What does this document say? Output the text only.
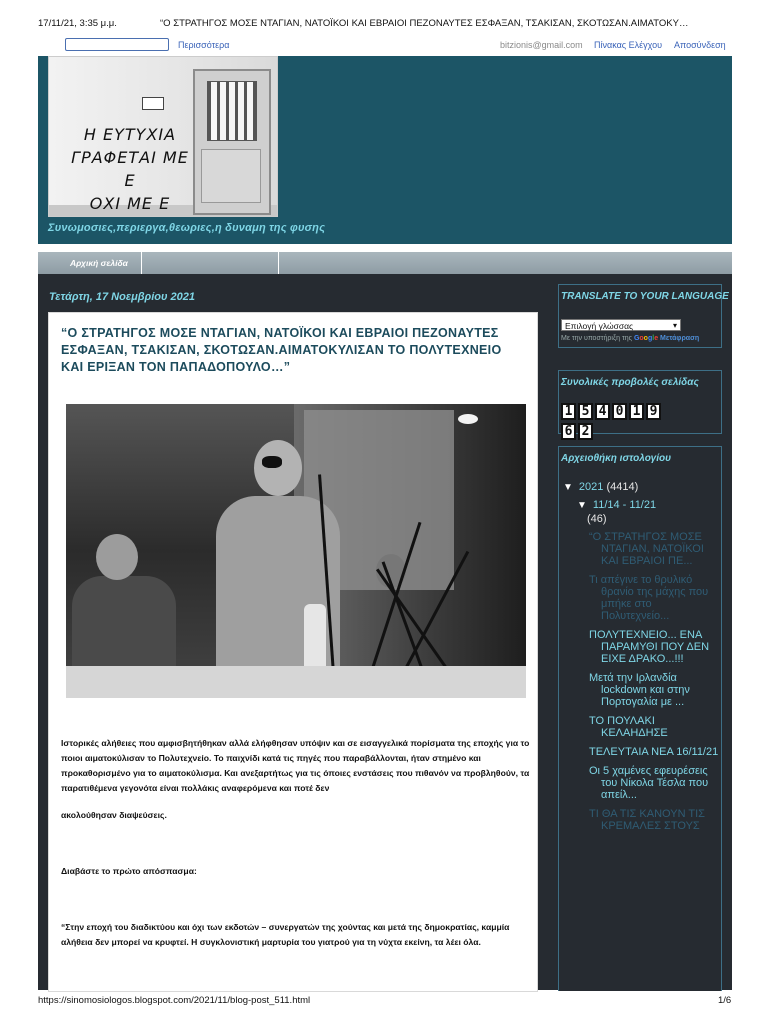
17/11/21, 3:35 μ.μ.	“Ο ΣΤΡΑΤΗΓΟΣ ΜΟΣΕ ΝΤΑΓΙΑΝ, ΝΑΤΟΪΚΟΙ ΚΑΙ ΕΒΡΑΙΟΙ ΠΕΖΟΝΑΥΤΕΣ ΕΣΦΑΞΑΝ, ΤΣΑΚΙΣΑΝ, ΣΚΟΤΩΣΑΝ.ΑΙΜΑΤΟΚΥ…
Περισσότερα	bitzionis@gmail.com Πίνακας Ελέγχου Αποσύνδεση
Η ΕΥΤΥΧΙΑ
ΓΡΑΦΕΤΑΙ ΜΕ Ε
ΟΧΙ ΜΕ Ε
Συνωμοσιες,περιεργα,θεωριες,η δυναμη της φυσης
Αρχική σελίδα
Τετάρτη, 17 Νοεμβρίου 2021
“Ο ΣΤΡΑΤΗΓΟΣ ΜΟΣΕ ΝΤΑΓΙΑΝ, ΝΑΤΟΪΚΟΙ ΚΑΙ ΕΒΡΑΙΟΙ ΠΕΖΟΝΑΥΤΕΣ ΕΣΦΑΞΑΝ, ΤΣΑΚΙΣΑΝ, ΣΚΟΤΩΣΑΝ.ΑΙΜΑΤΟΚΥΛΙΣΑΝ ΤΟ ΠΟΛΥΤΕΧΝΕΙΟ ΚΑΙ ΕΡΙΞΑΝ ΤΟΝ ΠΑΠΑΔΟΠΟΥΛΟ…”

Ιστορικές αλήθειες που αμφισβητήθηκαν αλλά ελήφθησαν υπόψιν και σε εισαγγελικά πορίσματα της εποχής για το ποιοι αιματοκύλισαν το Πολυτεχνείο. Το παιχνίδι κατά τις πηγές που παραβάλλονται, ήταν στημένο και προκαθορισμένο για το αιματοκύλισμα. Και ανεξαρτήτως για τις όποιες ενστάσεις που πιθανόν να προβληθούν, τα παρατιθέμενα γεγονότα είναι πολλάκις αναφερόμενα και ποτέ δεν

ακολούθησαν διαψεύσεις.

Διαβάστε το πρώτο απόσπασμα:

“Στην εποχή του διαδικτύου και όχι των εκδοτών – συνεργατών της χούντας και μετά της δημοκρατίας, καμμία αλήθεια δεν μπορεί να κρυφτεί. Η συγκλονιστική μαρτυρία του γιατρού για τη νύχτα εκείνη, τα λέει όλα.

TRANSLATE TO YOUR LANGUAGE
Επιλογή γλώσσας	▾
Με την υποστήριξη της Google Μετάφραση
Συνολικές προβολές σελίδας
1 5 4 0 1 9
6 2
Αρχειοθήκη ιστολογίου
▼ 2021 (4414)
▼ 11/14 - 11/21
(46)
“Ο ΣΤΡΑΤΗΓΟΣ ΜΟΣΕ ΝΤΑΓΙΑΝ, ΝΑΤΟΪΚΟΙ ΚΑΙ ΕΒΡΑΙΟΙ ΠΕ...
Τι απέγινε το θρυλικό θρανίο της μάχης που μπήκε στο Πολυτεχνείο...
ΠΟΛΥΤΕΧΝΕΙΟ... ΕΝΑ ΠΑΡΑΜΥΘΙ ΠΟΥ ΔΕΝ ΕΙΧΕ ΔΡΑΚΟ...!!!
Μετά την Ιρλανδία lockdown και στην Πορτογαλία με ...
ΤΟ ΠΟΥΛΑΚΙ ΚΕΛΑΗΔΗΣΕ
ΤΕΛΕΥΤΑΙΑ ΝΕΑ 16/11/21
Οι 5 χαμένες εφευρέσεις του Νίκολα Τέσλα που απείλ...
ΤΙ ΘΑ ΤΙΣ ΚΑΝΟΥΝ ΤΙΣ ΚΡΕΜΑΛΕΣ ΣΤΟΥΣ
https://sinomosiologos.blogspot.com/2021/11/blog-post_511.html	1/6
